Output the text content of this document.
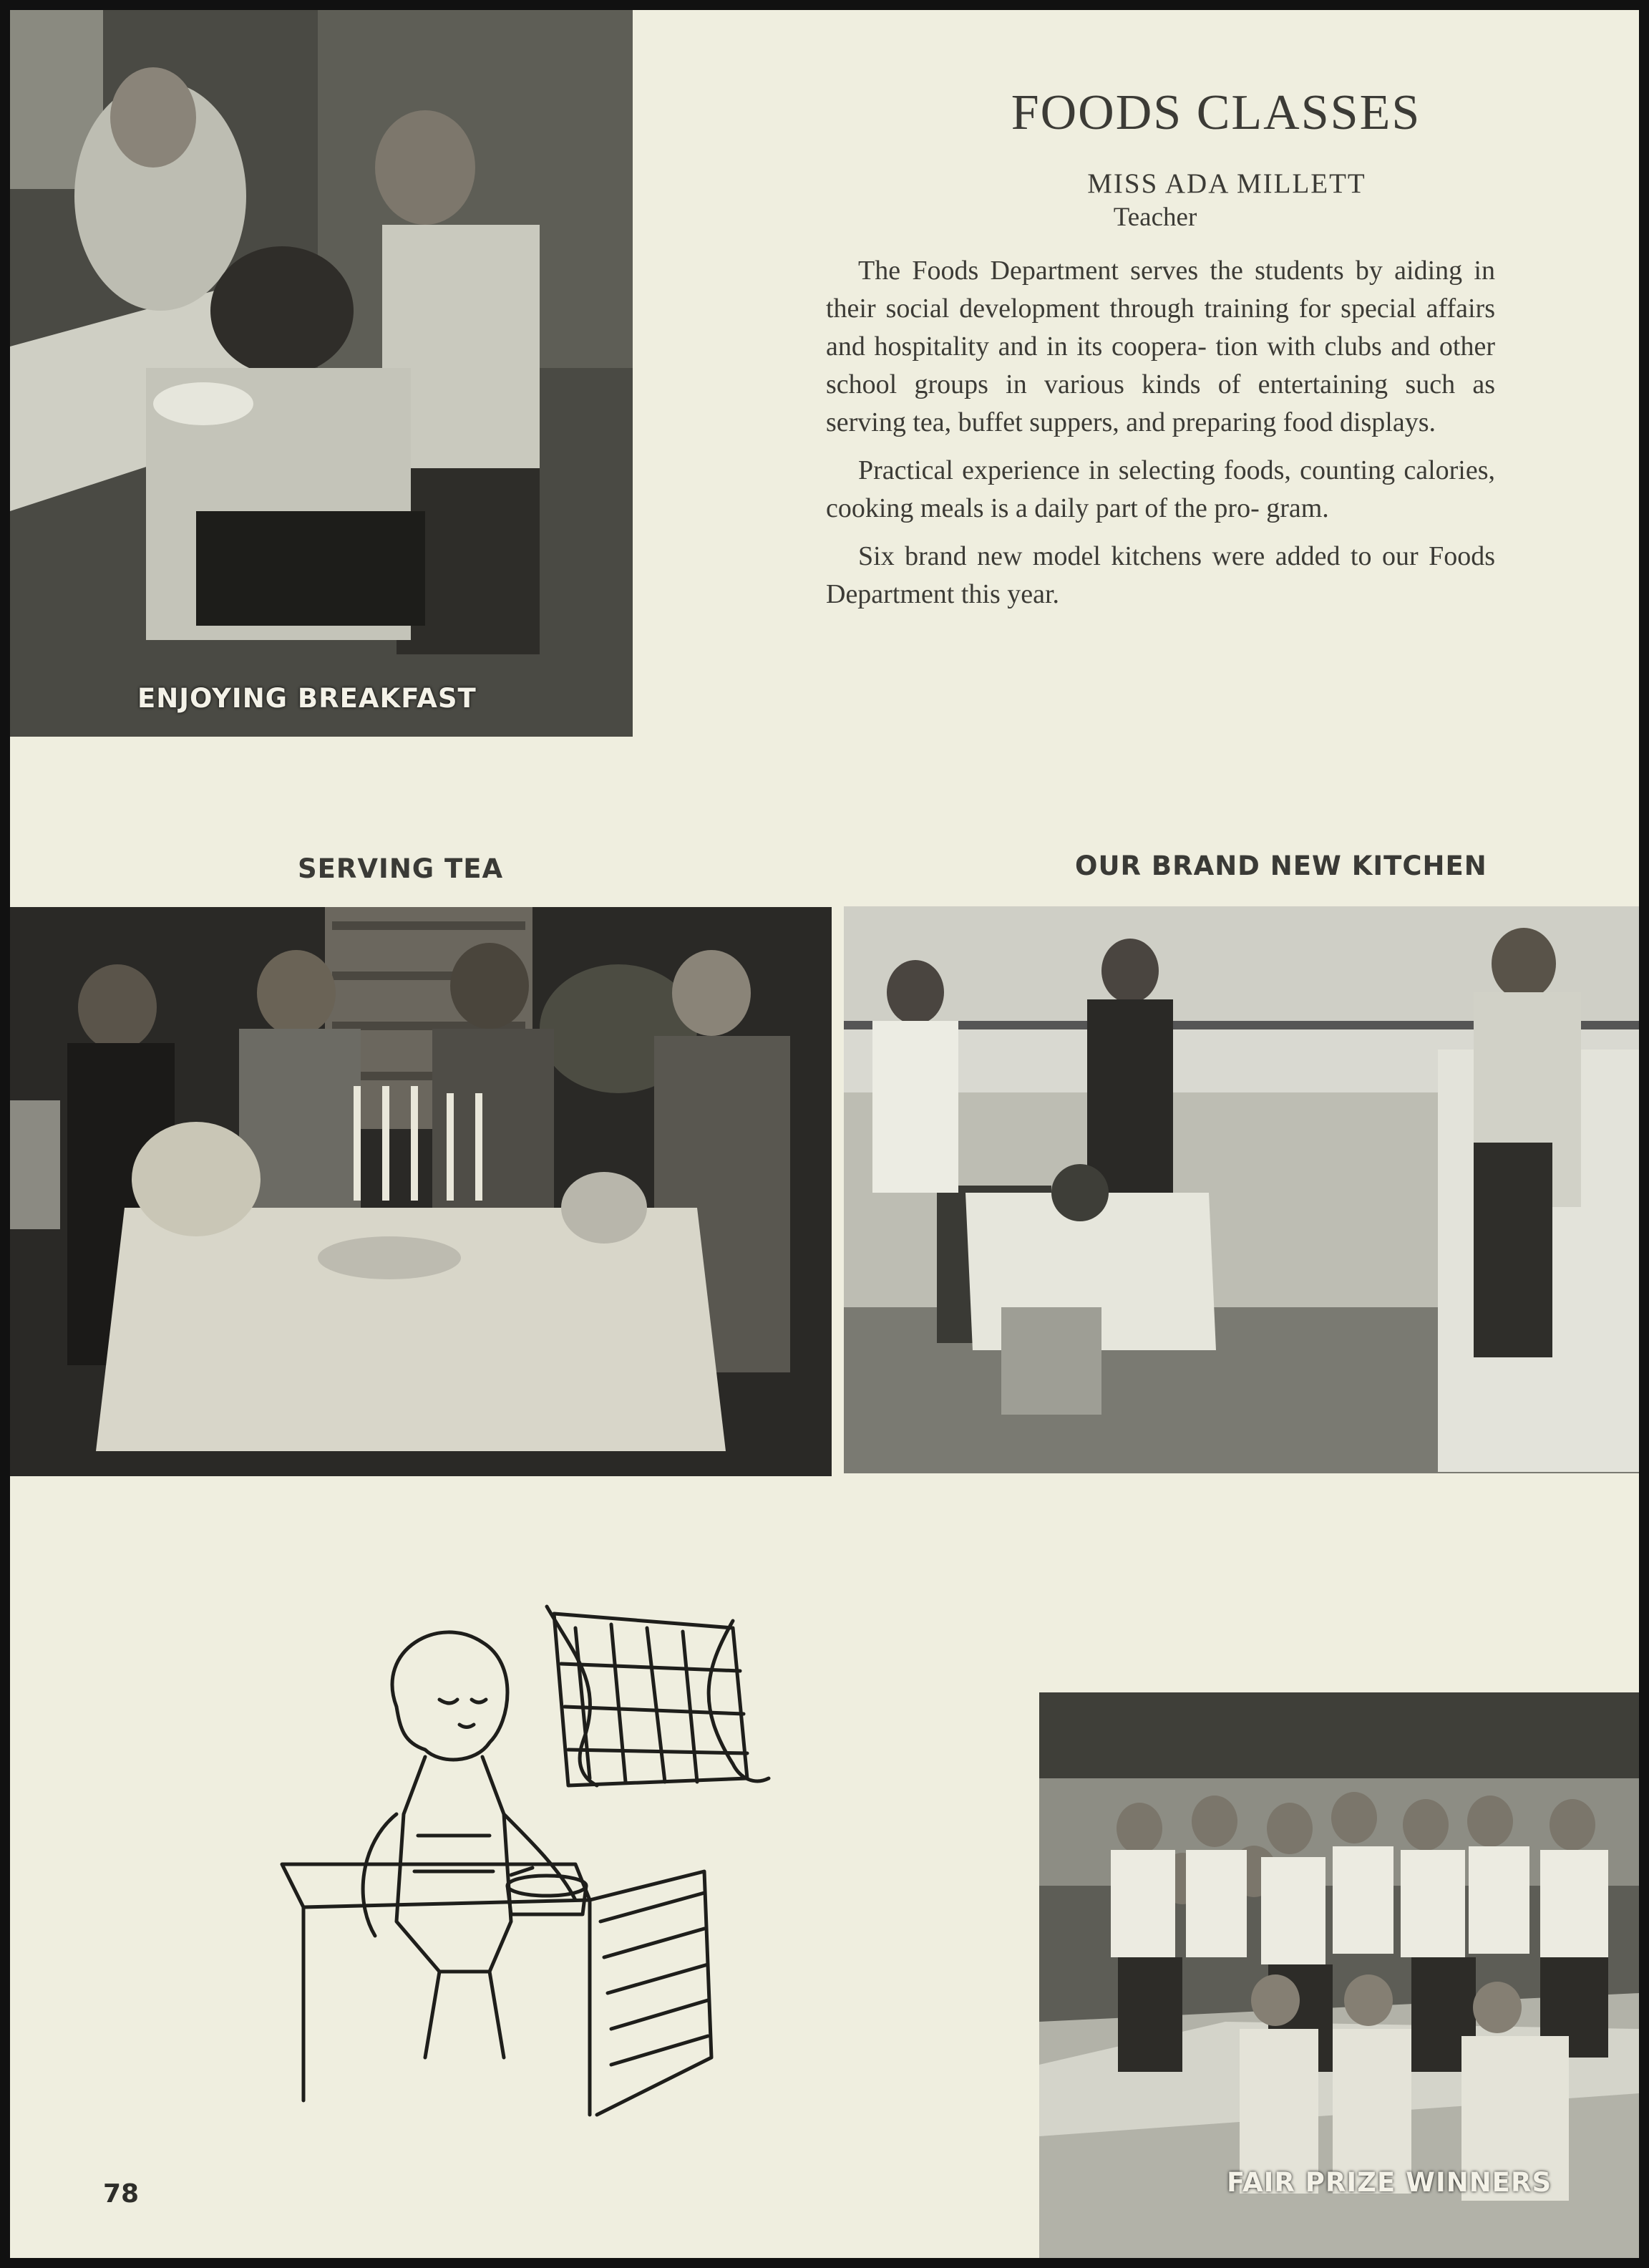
ENJOYING BREAKFAST
FOODS CLASSES
MISS ADA MILLETT
Teacher

The Foods Department serves the students by aiding in their social development through training for special affairs and hospitality and in its coopera- tion with clubs and other school groups in various kinds of entertaining such as serving tea, buffet suppers, and preparing food displays.

Practical experience in selecting foods, counting calories, cooking meals is a daily part of the pro- gram.

Six brand new model kitchens were added to our Foods Department this year.

SERVING TEA	OUR BRAND NEW KITCHEN
FAIR PRIZE WINNERS
78
